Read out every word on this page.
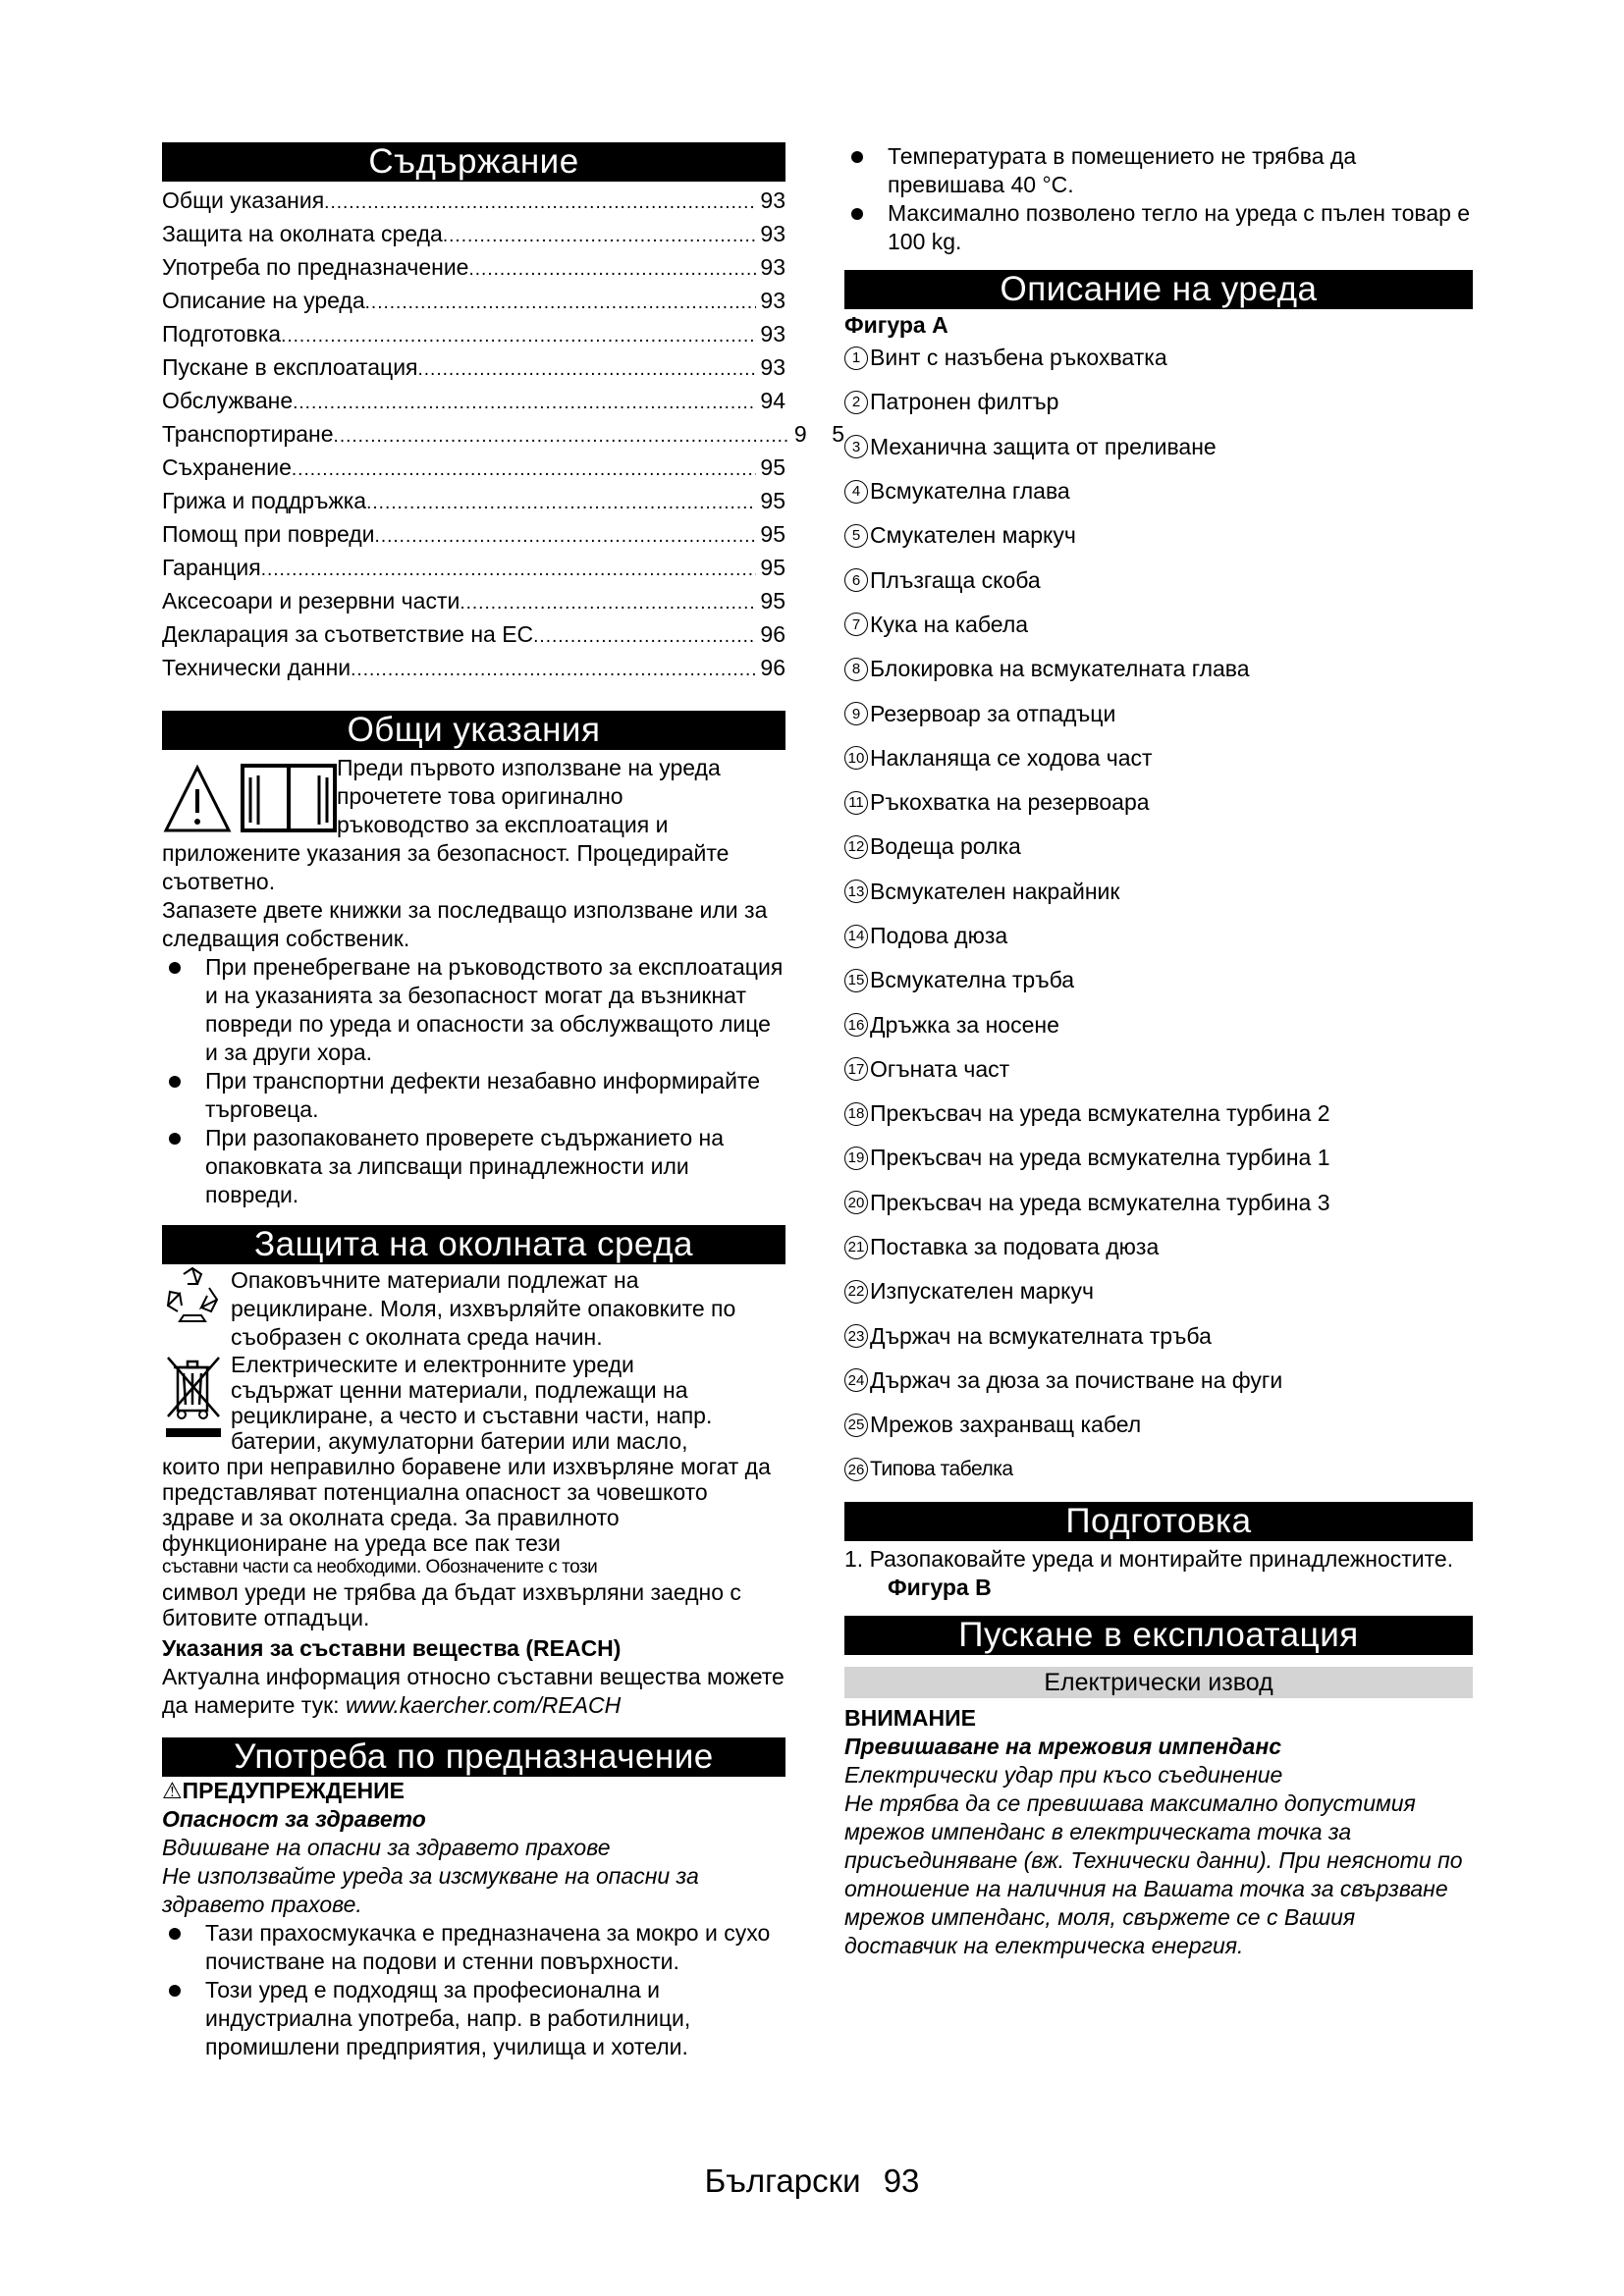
Съдържание
Общи указания .....	93
Защита на околната среда .....	93
Употреба по предназначение .....	93
Описание на уреда .....	93
Подготовка .....	93
Пускане в експлоатация .....	93
Обслужване .....	94
Транспортиране .....	9    5
Съхранение .....	95
Грижа и поддръжка .....	95
Помощ при повреди .....	95
Гаранция .....	95
Аксесоари и резервни части .....	95
Декларация за съответствие на ЕС .....	96
Технически данни .....	96
Общи указания
Преди първото използване на уреда
прочетете това оригинално
ръководство за експлоатация и
приложените указания за безопасност. Процедирайте съответно.
Запазете двете книжки за последващо използване или за следващия собственик.
При пренебрегване на ръководството за експлоатация и на указанията за безопасност могат да възникнат повреди по уреда и опасности за обслужващото лице и за други хора.
При транспортни дефекти незабавно информирайте търговеца.
При разопаковането проверете съдържанието на опаковката за липсващи принадлежности или повреди.
Защита на околната среда
Опаковъчните материали подлежат на рециклиране. Моля, изхвърляйте опаковките по съобразен с околната среда начин.
Електрическите и електронните уреди
съдържат ценни материали, подлежащи на
рециклиране, а често и съставни части, напр.
батерии, акумулаторни батерии или масло,
които при неправилно боравене или изхвърляне могат да представляват потенциална опасност за човешкото здраве и за околната среда. За правилното функциониране на уреда все пак тези
съставни части са необходими. Обозначените с този
символ уреди не трябва да бъдат изхвърляни заедно с битовите отпадъци.
Указания за съставни вещества (REACH)
Актуална информация относно съставни вещества можете да намерите тук: www.kaercher.com/REACH
Употреба по предназначение
⚠ПРЕДУПРЕЖДЕНИЕ
Опасност за здравето
Вдишване на опасни за здравето прахове
Не използвайте уреда за изсмукване на опасни за здравето прахове.
Тази прахосмукачка е предназначена за мокро и сухо почистване на подови и стенни повърхности.
Този уред е подходящ за професионална и индустриална употреба, напр. в работилници, промишлени предприятия, училища и хотели.
Температурата в помещението не трябва да превишава 40 °C.
Максимално позволено тегло на уреда с пълен товар е 100 kg.
Описание на уреда
Фигура A
1 Винт с назъбена ръкохватка
2 Патронен филтър
3 Механична защита от преливане
4 Всмукателна глава
5 Смукателен маркуч
6 Плъзгаща скоба
7 Кука на кабела
8 Блокировка на всмукателната глава
9 Резервоар за отпадъци
10 Накланяща се ходова част
11 Ръкохватка на резервоара
12 Водеща ролка
13 Всмукателен накрайник
14 Подова дюза
15 Всмукателна тръба
16 Дръжка за носене
17 Огънатa част
18 Прекъсвач на уреда всмукателна турбина 2
19 Прекъсвач на уреда всмукателна турбина 1
20 Прекъсвач на уреда всмукателна турбина 3
21 Поставка за подовата дюза
22 Изпускателен маркуч
23 Държач на всмукателната тръба
24 Държач за дюза за почистване на фуги
25 Мрежов захранващ кабел
26 Типова табелка
Подготовка
1. Разопаковайте уреда и монтирайте принадлежностите.
Фигура B
Пускане в експлоатация
Електрически извод
ВНИМАНИЕ
Превишаване на мрежовия импенданс
Електрически удар при късо съединение
Не трябва да се превишава максимално допустимия мрежов импенданс в електрическата точка за присъединяване (вж. Технически данни). При неясноти по отношение на наличния на Вашата точка за свързване мрежов импенданс, моля, свържете се с Вашия доставчик на електрическа енергия.
Български 93
